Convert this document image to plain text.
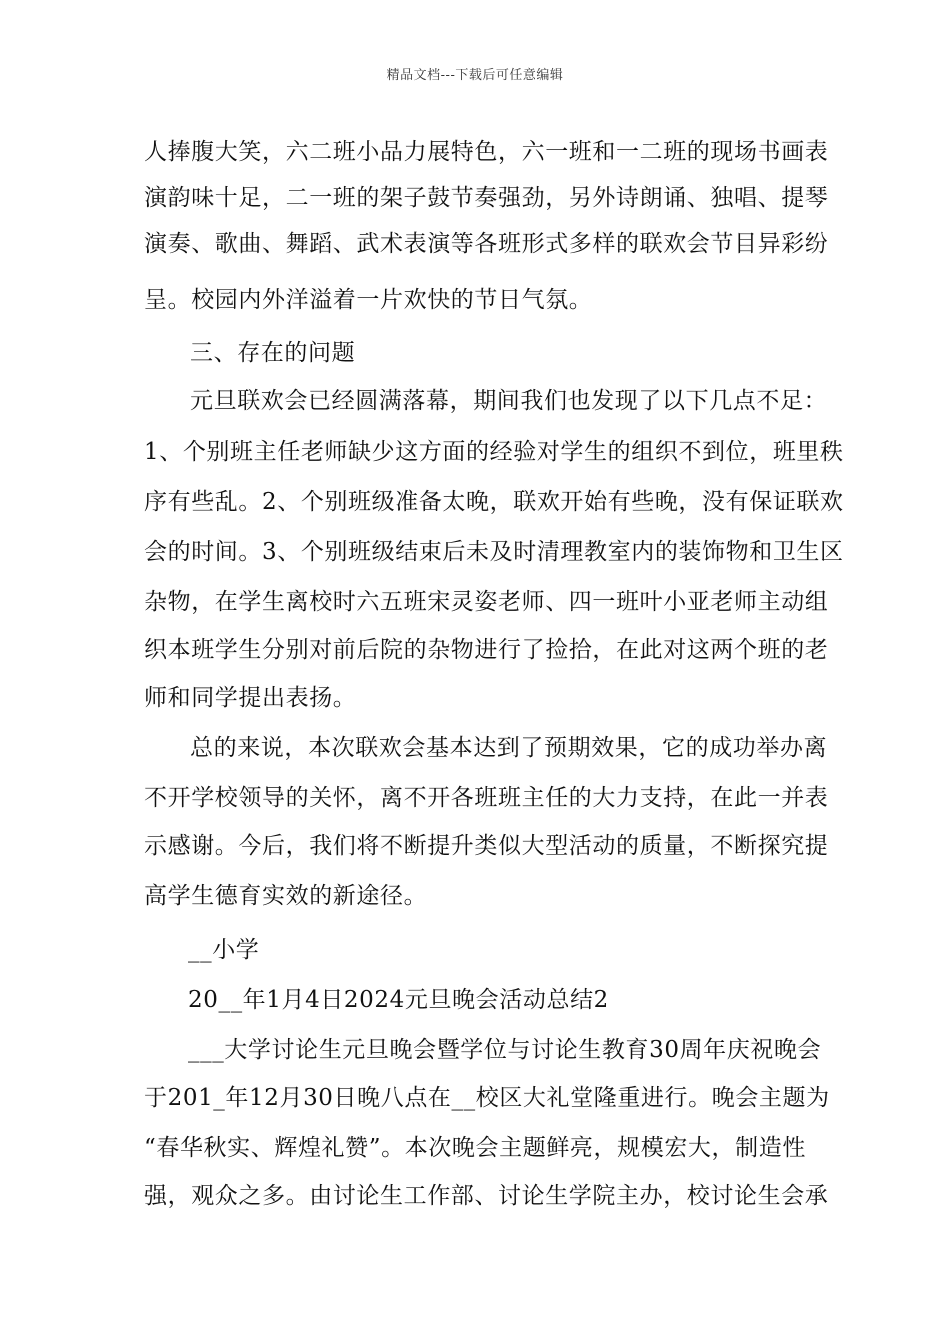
精品文档---下载后可任意编辑
人捧腹大笑，六二班小品力展特色，六一班和一二班的现场书画表
演韵味十足，二一班的架子鼓节奏强劲，另外诗朗诵、独唱、提琴
演奏、歌曲、舞蹈、武术表演等各班形式多样的联欢会节目异彩纷
呈。校园内外洋溢着一片欢快的节日气氛。
三、存在的问题
元旦联欢会已经圆满落幕，期间我们也发现了以下几点不足：
1、个别班主任老师缺少这方面的经验对学生的组织不到位，班里秩
序有些乱。2、个别班级准备太晚，联欢开始有些晚，没有保证联欢
会的时间。3、个别班级结束后未及时清理教室内的装饰物和卫生区
杂物，在学生离校时六五班宋灵姿老师、四一班叶小亚老师主动组
织本班学生分别对前后院的杂物进行了捡拾，在此对这两个班的老
师和同学提出表扬。
总的来说，本次联欢会基本达到了预期效果，它的成功举办离
不开学校领导的关怀，离不开各班班主任的大力支持，在此一并表
示感谢。今后，我们将不断提升类似大型活动的质量，不断探究提
高学生德育实效的新途径。
__小学
20__年1月4日2024元旦晚会活动总结2
___大学讨论生元旦晚会暨学位与讨论生教育30周年庆祝晚会
于201_年12月30日晚八点在__校区大礼堂隆重进行。晚会主题为
“春华秋实、辉煌礼赞”。本次晚会主题鲜亮，规模宏大，制造性
强，观众之多。由讨论生工作部、讨论生学院主办，校讨论生会承
